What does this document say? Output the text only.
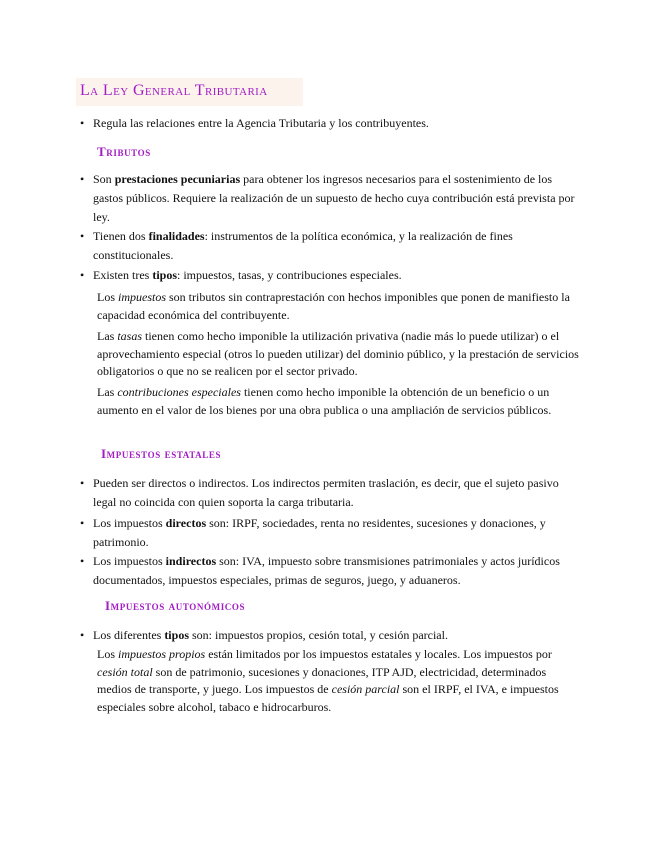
La Ley General Tributaria
• Regula las relaciones entre la Agencia Tributaria y los contribuyentes.
Tributos
• Son prestaciones pecuniarias para obtener los ingresos necesarios para el sostenimiento de los gastos públicos. Requiere la realización de un supuesto de hecho cuya contribución está prevista por ley.
• Tienen dos finalidades: instrumentos de la política económica, y la realización de fines constitucionales.
• Existen tres tipos: impuestos, tasas, y contribuciones especiales.
Los impuestos son tributos sin contraprestación con hechos imponibles que ponen de manifiesto la capacidad económica del contribuyente.
Las tasas tienen como hecho imponible la utilización privativa (nadie más lo puede utilizar) o el aprovechamiento especial (otros lo pueden utilizar) del dominio público, y la prestación de servicios obligatorios o que no se realicen por el sector privado.
Las contribuciones especiales tienen como hecho imponible la obtención de un beneficio o un aumento en el valor de los bienes por una obra publica o una ampliación de servicios públicos.
Impuestos estatales
• Pueden ser directos o indirectos. Los indirectos permiten traslación, es decir, que el sujeto pasivo legal no coincida con quien soporta la carga tributaria.
• Los impuestos directos son: IRPF, sociedades, renta no residentes, sucesiones y donaciones, y patrimonio.
• Los impuestos indirectos son: IVA, impuesto sobre transmisiones patrimoniales y actos jurídicos documentados, impuestos especiales, primas de seguros, juego, y aduaneros.
Impuestos autonómicos
• Los diferentes tipos son: impuestos propios, cesión total, y cesión parcial.
Los impuestos propios están limitados por los impuestos estatales y locales. Los impuestos por cesión total son de patrimonio, sucesiones y donaciones, ITP AJD, electricidad, determinados medios de transporte, y juego. Los impuestos de cesión parcial son el IRPF, el IVA, e impuestos especiales sobre alcohol, tabaco e hidrocarburos.
